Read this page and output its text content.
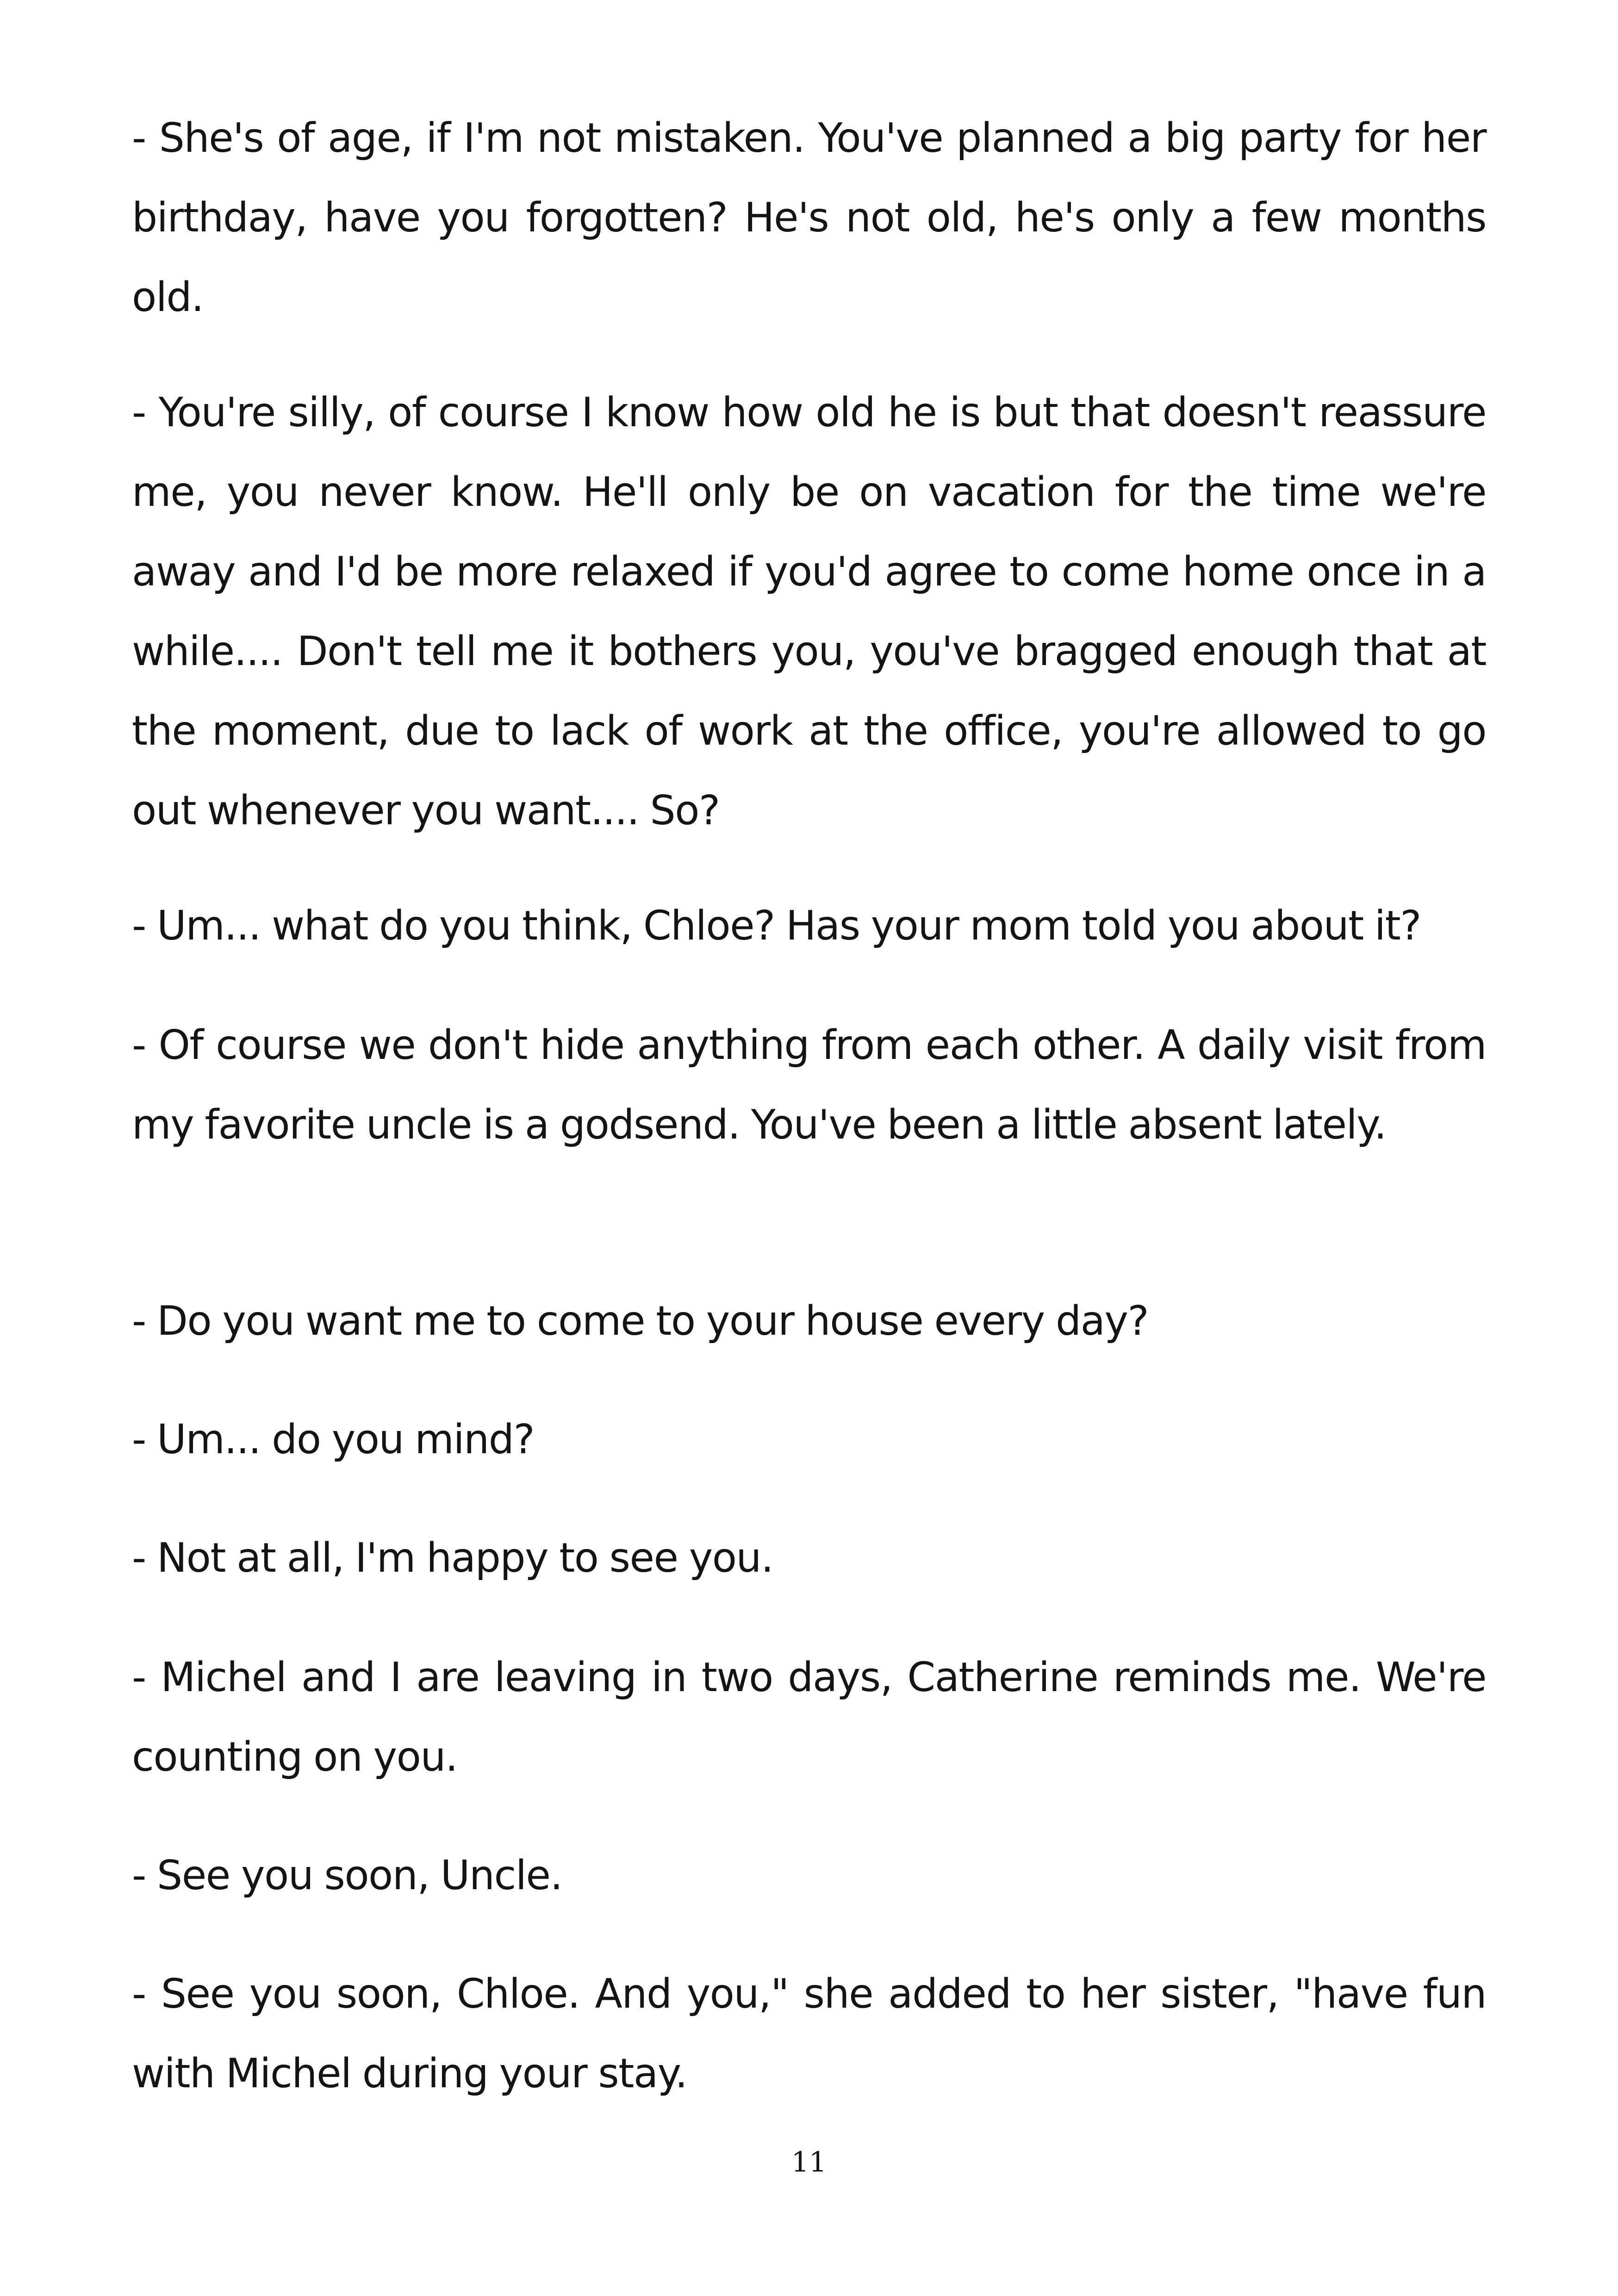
- She's of age, if I'm not mistaken. You've planned a big party for her birthday, have you forgotten? He's not old, he's only a few months old.

- You're silly, of course I know how old he is but that doesn't reassure me, you never know. He'll only be on vacation for the time we're away and I'd be more relaxed if you'd agree to come home once in a while.... Don't tell me it bothers you, you've bragged enough that at the moment, due to lack of work at the office, you're allowed to go out whenever you want.... So?

- Um... what do you think, Chloe? Has your mom told you about it?

- Of course we don't hide anything from each other. A daily visit from my favorite uncle is a godsend. You've been a little absent lately.

- Do you want me to come to your house every day?

- Um... do you mind?

- Not at all, I'm happy to see you.

- Michel and I are leaving in two days, Catherine reminds me. We're counting on you.

- See you soon, Uncle.

- See you soon, Chloe. And you," she added to her sister, "have fun with Michel during your stay.

11
